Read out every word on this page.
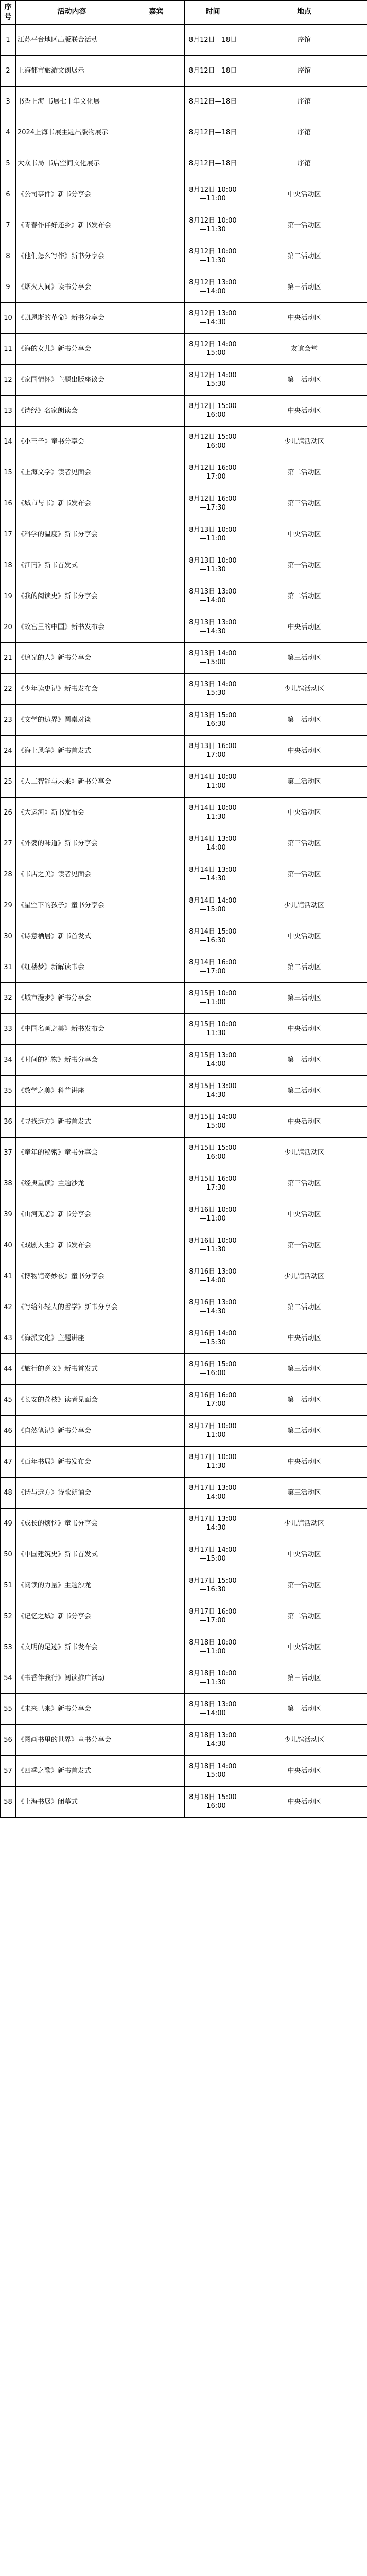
序号	活动内容	嘉宾	时间	地点
1	江苏平台地区出版联合活动		8月12日—18日	序馆
2	上海都市旅游文创展示		8月12日—18日	序馆
3	书香上海 书展七十年文化展		8月12日—18日	序馆
4	2024上海书展主题出版物展示		8月12日—18日	序馆
5	大众书局 书店空间文化展示		8月12日—18日	序馆
6	《公司事件》新书分享会		8月12日 10:00—11:00	中央活动区
7	《青春作伴好还乡》新书发布会		8月12日 10:00—11:30	第一活动区
8	《他们怎么写作》新书分享会		8月12日 10:00—11:30	第二活动区
9	《烟火人间》读书分享会		8月12日 13:00—14:00	第三活动区
10	《凯恩斯的革命》新书分享会		8月12日 13:00—14:30	中央活动区
11	《海的女儿》新书分享会		8月12日 14:00—15:00	友谊会堂
12	《家国情怀》主题出版座谈会		8月12日 14:00—15:30	第一活动区
13	《诗经》名家朗读会		8月12日 15:00—16:00	中央活动区
14	《小王子》童书分享会		8月12日 15:00—16:00	少儿馆活动区
15	《上海文学》读者见面会		8月12日 16:00—17:00	第二活动区
16	《城市与书》新书发布会		8月12日 16:00—17:30	第三活动区
17	《科学的温度》新书分享会		8月13日 10:00—11:00	中央活动区
18	《江南》新书首发式		8月13日 10:00—11:30	第一活动区
19	《我的阅读史》新书分享会		8月13日 13:00—14:00	第二活动区
20	《故宫里的中国》新书发布会		8月13日 13:00—14:30	中央活动区
21	《追光的人》新书分享会		8月13日 14:00—15:00	第三活动区
22	《少年读史记》新书发布会		8月13日 14:00—15:30	少儿馆活动区
23	《文学的边界》圆桌对谈		8月13日 15:00—16:30	第一活动区
24	《海上风华》新书首发式		8月13日 16:00—17:00	中央活动区
25	《人工智能与未来》新书分享会		8月14日 10:00—11:00	第二活动区
26	《大运河》新书发布会		8月14日 10:00—11:30	中央活动区
27	《外婆的味道》新书分享会		8月14日 13:00—14:00	第三活动区
28	《书店之美》读者见面会		8月14日 13:00—14:30	第一活动区
29	《星空下的孩子》童书分享会		8月14日 14:00—15:00	少儿馆活动区
30	《诗意栖居》新书首发式		8月14日 15:00—16:30	中央活动区
31	《红楼梦》新解读书会		8月14日 16:00—17:00	第二活动区
32	《城市漫步》新书分享会		8月15日 10:00—11:00	第三活动区
33	《中国名画之美》新书发布会		8月15日 10:00—11:30	中央活动区
34	《时间的礼物》新书分享会		8月15日 13:00—14:00	第一活动区
35	《数学之美》科普讲座		8月15日 13:00—14:30	第二活动区
36	《寻找远方》新书首发式		8月15日 14:00—15:00	中央活动区
37	《童年的秘密》童书分享会		8月15日 15:00—16:00	少儿馆活动区
38	《经典重读》主题沙龙		8月15日 16:00—17:30	第三活动区
39	《山河无恙》新书分享会		8月16日 10:00—11:00	中央活动区
40	《戏剧人生》新书发布会		8月16日 10:00—11:30	第一活动区
41	《博物馆奇妙夜》童书分享会		8月16日 13:00—14:00	少儿馆活动区
42	《写给年轻人的哲学》新书分享会		8月16日 13:00—14:30	第二活动区
43	《海派文化》主题讲座		8月16日 14:00—15:30	中央活动区
44	《旅行的意义》新书首发式		8月16日 15:00—16:00	第三活动区
45	《长安的荔枝》读者见面会		8月16日 16:00—17:00	第一活动区
46	《自然笔记》新书分享会		8月17日 10:00—11:00	第二活动区
47	《百年书局》新书发布会		8月17日 10:00—11:30	中央活动区
48	《诗与远方》诗歌朗诵会		8月17日 13:00—14:00	第三活动区
49	《成长的烦恼》童书分享会		8月17日 13:00—14:30	少儿馆活动区
50	《中国建筑史》新书首发式		8月17日 14:00—15:00	中央活动区
51	《阅读的力量》主题沙龙		8月17日 15:00—16:30	第一活动区
52	《记忆之城》新书分享会		8月17日 16:00—17:00	第二活动区
53	《文明的足迹》新书发布会		8月18日 10:00—11:00	中央活动区
54	《书香伴我行》阅读推广活动		8月18日 10:00—11:30	第三活动区
55	《未来已来》新书分享会		8月18日 13:00—14:00	第一活动区
56	《图画书里的世界》童书分享会		8月18日 13:00—14:30	少儿馆活动区
57	《四季之歌》新书首发式		8月18日 14:00—15:00	中央活动区
58	《上海书展》闭幕式		8月18日 15:00—16:00	中央活动区
